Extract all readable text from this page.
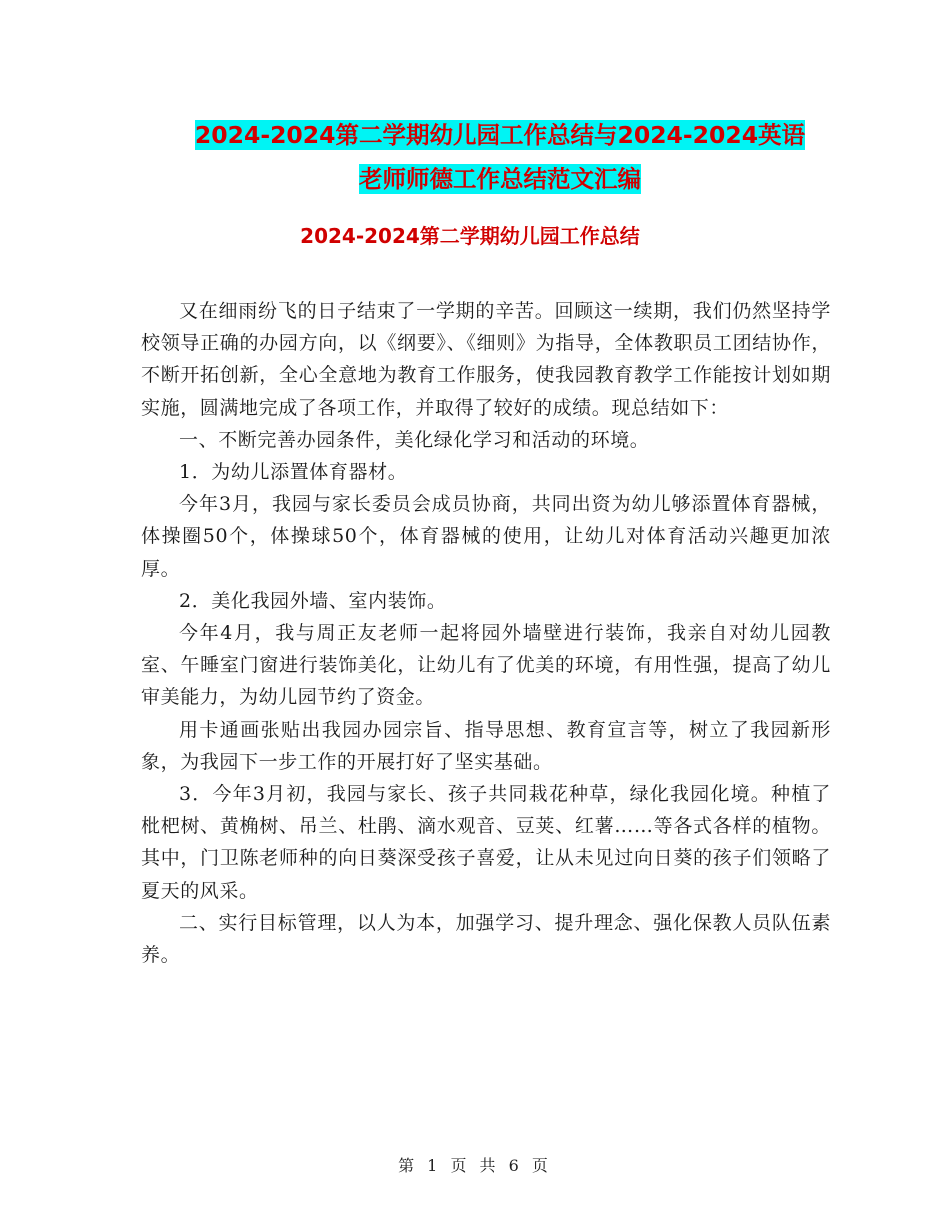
2024-2024第二学期幼儿园工作总结与2024-2024英语
老师师德工作总结范文汇编
2024-2024第二学期幼儿园工作总结

又在细雨纷飞的日子结束了一学期的辛苦。回顾这一续期，我们仍然坚持学校领导正确的办园方向，以《纲要》、《细则》为指导，全体教职员工团结协作，不断开拓创新，全心全意地为教育工作服务，使我园教育教学工作能按计划如期实施，圆满地完成了各项工作，并取得了较好的成绩。现总结如下：

一、不断完善办园条件，美化绿化学习和活动的环境。

1．为幼儿添置体育器材。

今年3月，我园与家长委员会成员协商，共同出资为幼儿够添置体育器械，体操圈50个，体操球50个，体育器械的使用，让幼儿对体育活动兴趣更加浓厚。

2．美化我园外墙、室内装饰。

今年4月，我与周正友老师一起将园外墙壁进行装饰，我亲自对幼儿园教室、午睡室门窗进行装饰美化，让幼儿有了优美的环境，有用性强，提高了幼儿审美能力，为幼儿园节约了资金。

用卡通画张贴出我园办园宗旨、指导思想、教育宣言等，树立了我园新形象，为我园下一步工作的开展打好了坚实基础。

3．今年3月初，我园与家长、孩子共同栽花种草，绿化我园化境。种植了枇杷树、黄桷树、吊兰、杜鹃、滴水观音、豆荚、红薯……等各式各样的植物。其中，门卫陈老师种的向日葵深受孩子喜爱，让从未见过向日葵的孩子们领略了夏天的风采。

二、实行目标管理，以人为本，加强学习、提升理念、强化保教人员队伍素养。

第 1 页 共 6 页
